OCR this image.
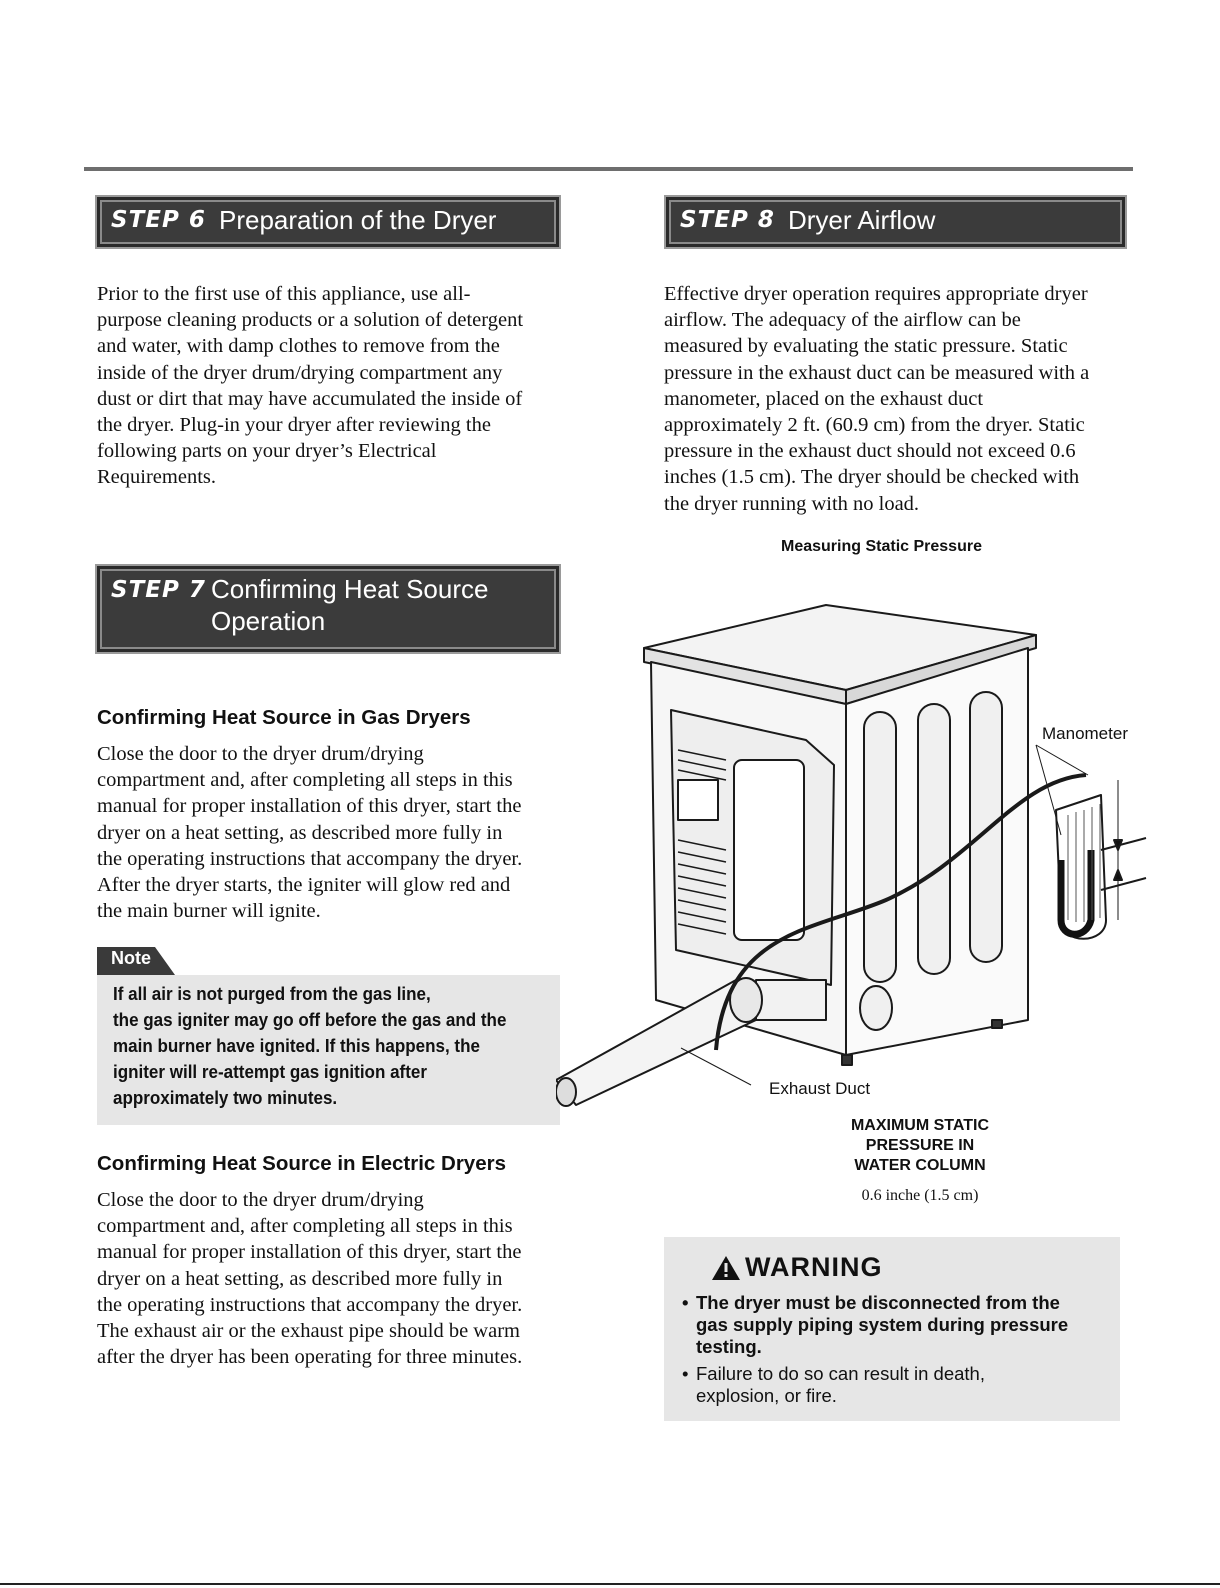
STEP 6 Preparation of the Dryer
Prior to the first use of this appliance, use all-
purpose cleaning products or a solution of detergent
and water, with damp clothes to remove from the
inside of the dryer drum/drying compartment any
dust or dirt that may have accumulated the inside of
the dryer. Plug-in your dryer after reviewing the
following parts on your dryer’s Electrical
Requirements.
STEP 7 Confirming Heat Source
Operation
Confirming Heat Source in Gas Dryers
Close the door to the dryer drum/drying
compartment and, after completing all steps in this
manual for proper installation of this dryer, start the
dryer on a heat setting, as described more fully in
the operating instructions that accompany the dryer.
After the dryer starts, the igniter will glow red and
the main burner will ignite.
Note
If all air is not purged from the gas line,
the gas igniter may go off before the gas and the
main burner have ignited. If this happens, the
igniter will re-attempt gas ignition after
approximately two minutes.
Confirming Heat Source in Electric Dryers
Close the door to the dryer drum/drying
compartment and, after completing all steps in this
manual for proper installation of this dryer, start the
dryer on a heat setting, as described more fully in
the operating instructions that accompany the dryer.
The exhaust air or the exhaust pipe should be warm
after the dryer has been operating for three minutes.
STEP 8 Dryer Airflow
Effective dryer operation requires appropriate dryer
airflow. The adequacy of the airflow can be
measured by evaluating the static pressure. Static
pressure in the exhaust duct can be measured with a
manometer, placed on the exhaust duct
approximately 2 ft. (60.9 cm) from the dryer. Static
pressure in the exhaust duct should not exceed 0.6
inches (1.5 cm). The dryer should be checked with
the dryer running with no load.
Measuring Static Pressure
Manometer
Exhaust Duct
MAXIMUM STATIC
PRESSURE IN
WATER COLUMN
0.6 inche (1.5 cm)
WARNING
• The dryer must be disconnected from the
gas supply piping system during pressure
testing.
• Failure to do so can result in death,
explosion, or fire.
